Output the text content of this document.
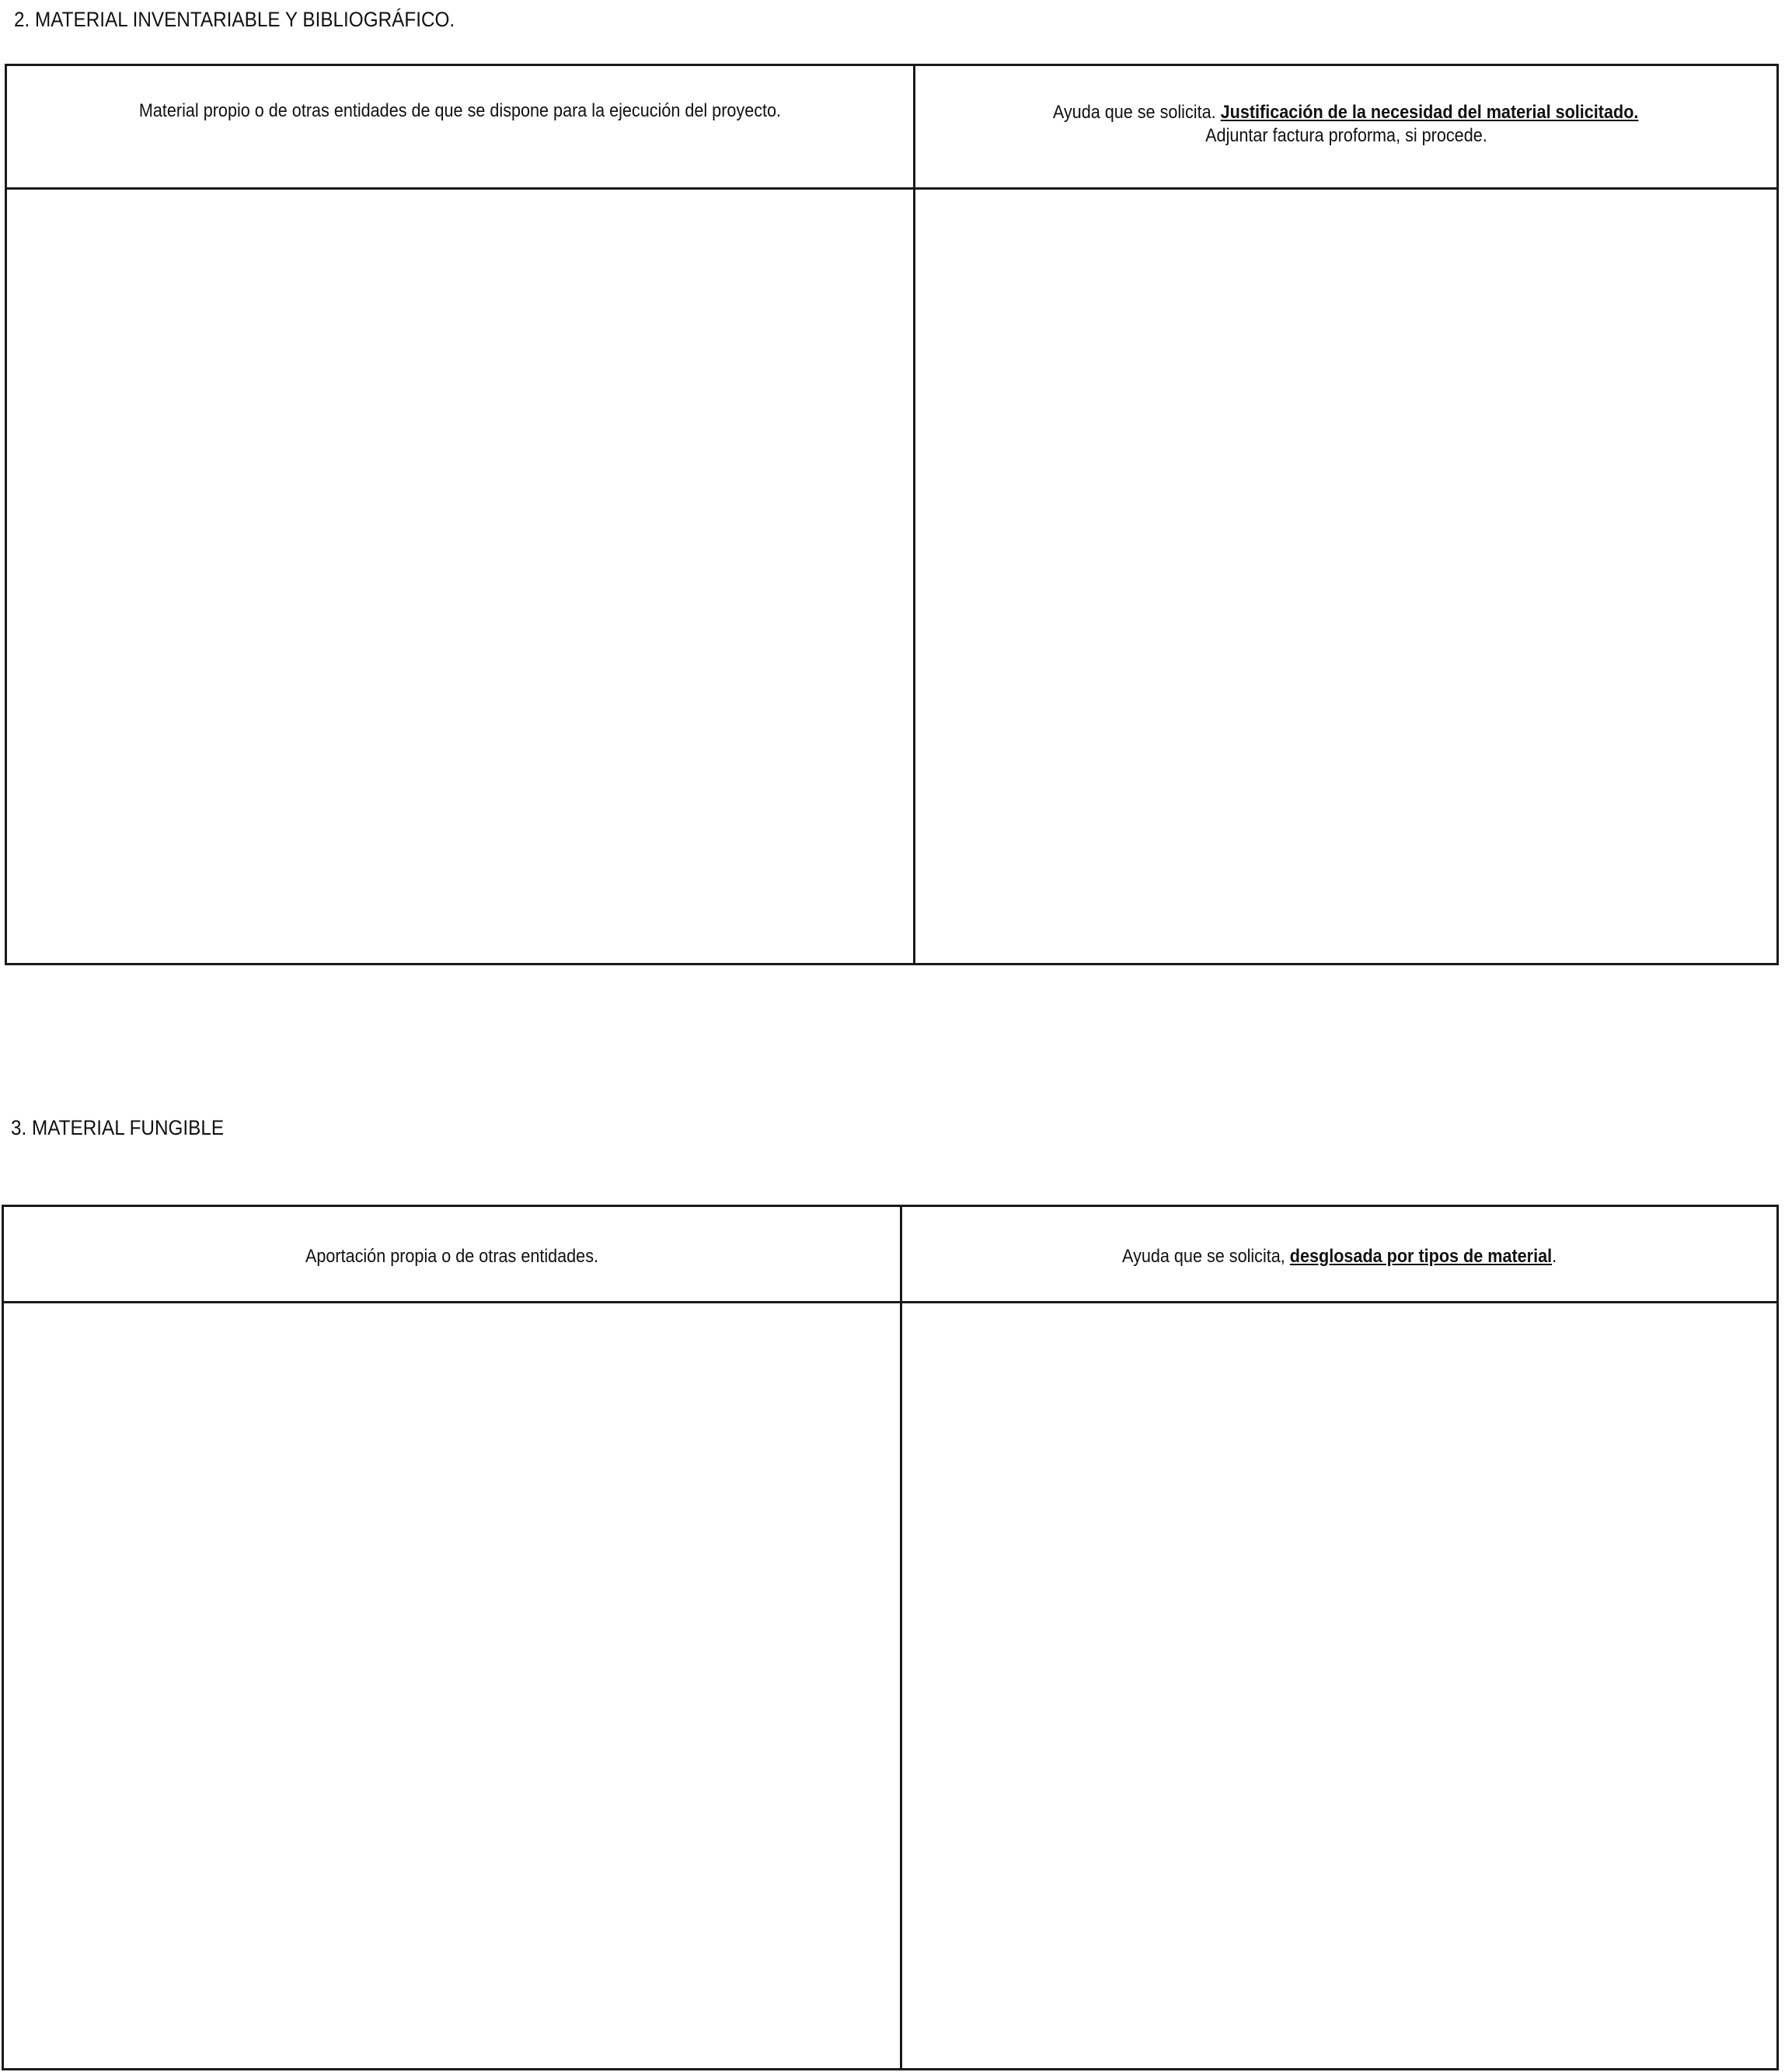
2. MATERIAL INVENTARIABLE Y BIBLIOGRÁFICO.
Material propio o de otras entidades de que se dispone para la ejecución del proyecto.	Ayuda que se solicita. Justificación de la necesidad del material solicitado.
Adjuntar factura proforma, si procede.
3. MATERIAL FUNGIBLE
Aportación propia o de otras entidades.	Ayuda que se solicita, desglosada por tipos de material.
